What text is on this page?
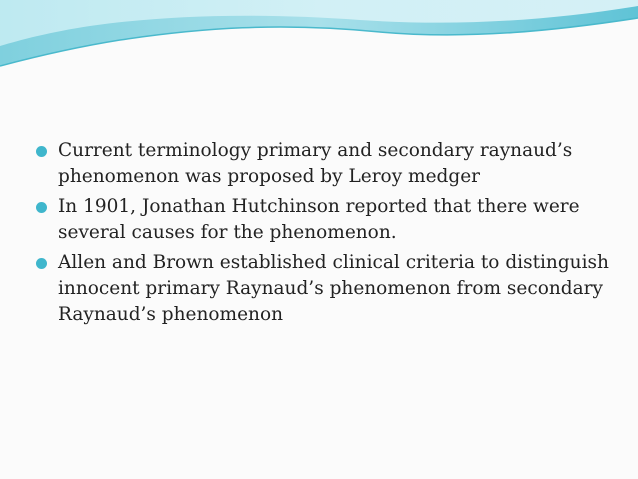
Current terminology primary and secondary raynaud’s phenomenon was proposed by Leroy medger
In 1901, Jonathan Hutchinson reported that there were several causes for the phenomenon.
Allen and Brown established clinical criteria to distinguish innocent primary Raynaud’s phenomenon from secondary Raynaud’s phenomenon
